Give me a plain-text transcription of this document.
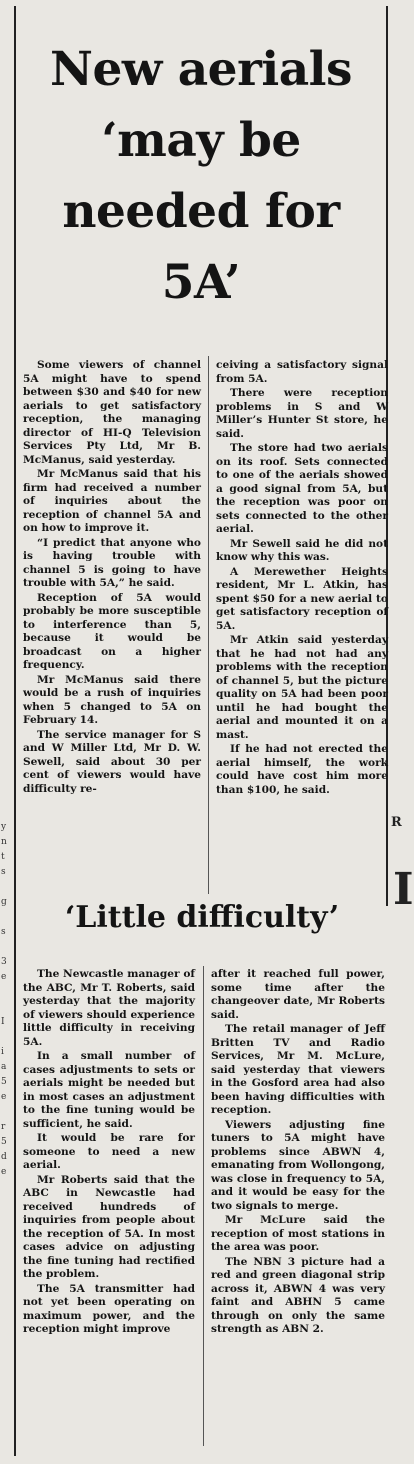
y
n
t
s

g

s

3
e

I

i
a
5
e

r
5
d
e
R
I
New aerials
‘may be
needed for
5A’

Some viewers of channel 5A might have to spend between $30 and $40 for new aerials to get satisfactory reception, the managing director of HI-Q Television Services Pty Ltd, Mr B. McManus, said yesterday.

Mr McManus said that his firm had received a number of inquiries about the reception of channel 5A and on how to improve it.

“I predict that anyone who is having trouble with channel 5 is going to have trouble with 5A,” he said.

Reception of 5A would probably be more susceptible to interference than 5, because it would be broadcast on a higher frequency.

Mr McManus said there would be a rush of inquiries when 5 changed to 5A on February 14.

The service manager for S and W Miller Ltd, Mr D. W. Sewell, said about 30 per cent of viewers would have difficulty re-

ceiving a satisfactory signal from 5A.

There were reception problems in S and W Miller’s Hunter St store, he said.

The store had two aerials on its roof. Sets connected to one of the aerials showed a good signal from 5A, but the reception was poor on sets connected to the other aerial.

Mr Sewell said he did not know why this was.

A Merewether Heights resident, Mr L. Atkin, has spent $50 for a new aerial to get satisfactory reception of 5A.

Mr Atkin said yesterday that he had not had any problems with the reception of channel 5, but the picture quality on 5A had been poor until he had bought the aerial and mounted it on a mast.

If he had not erected the aerial himself, the work could have cost him more than $100, he said.

‘Little difficulty’

The Newcastle manager of the ABC, Mr T. Roberts, said yesterday that the majority of viewers should experience little difficulty in receiving 5A.

In a small number of cases adjustments to sets or aerials might be needed but in most cases an adjustment to the fine tuning would be sufficient, he said.

It would be rare for someone to need a new aerial.

Mr Roberts said that the ABC in Newcastle had received hundreds of inquiries from people about the reception of 5A. In most cases advice on adjusting the fine tuning had rectified the problem.

The 5A transmitter had not yet been operating on maximum power, and the reception might improve

after it reached full power, some time after the changeover date, Mr Roberts said.

The retail manager of Jeff Britten TV and Radio Services, Mr M. McLure, said yesterday that viewers in the Gosford area had also been having difficulties with reception.

Viewers adjusting fine tuners to 5A might have problems since ABWN 4, emanating from Wollongong, was close in frequency to 5A, and it would be easy for the two signals to merge.

Mr McLure said the reception of most stations in the area was poor.

The NBN 3 picture had a red and green diagonal strip across it, ABWN 4 was very faint and ABHN 5 came through on only the same strength as ABN 2.
